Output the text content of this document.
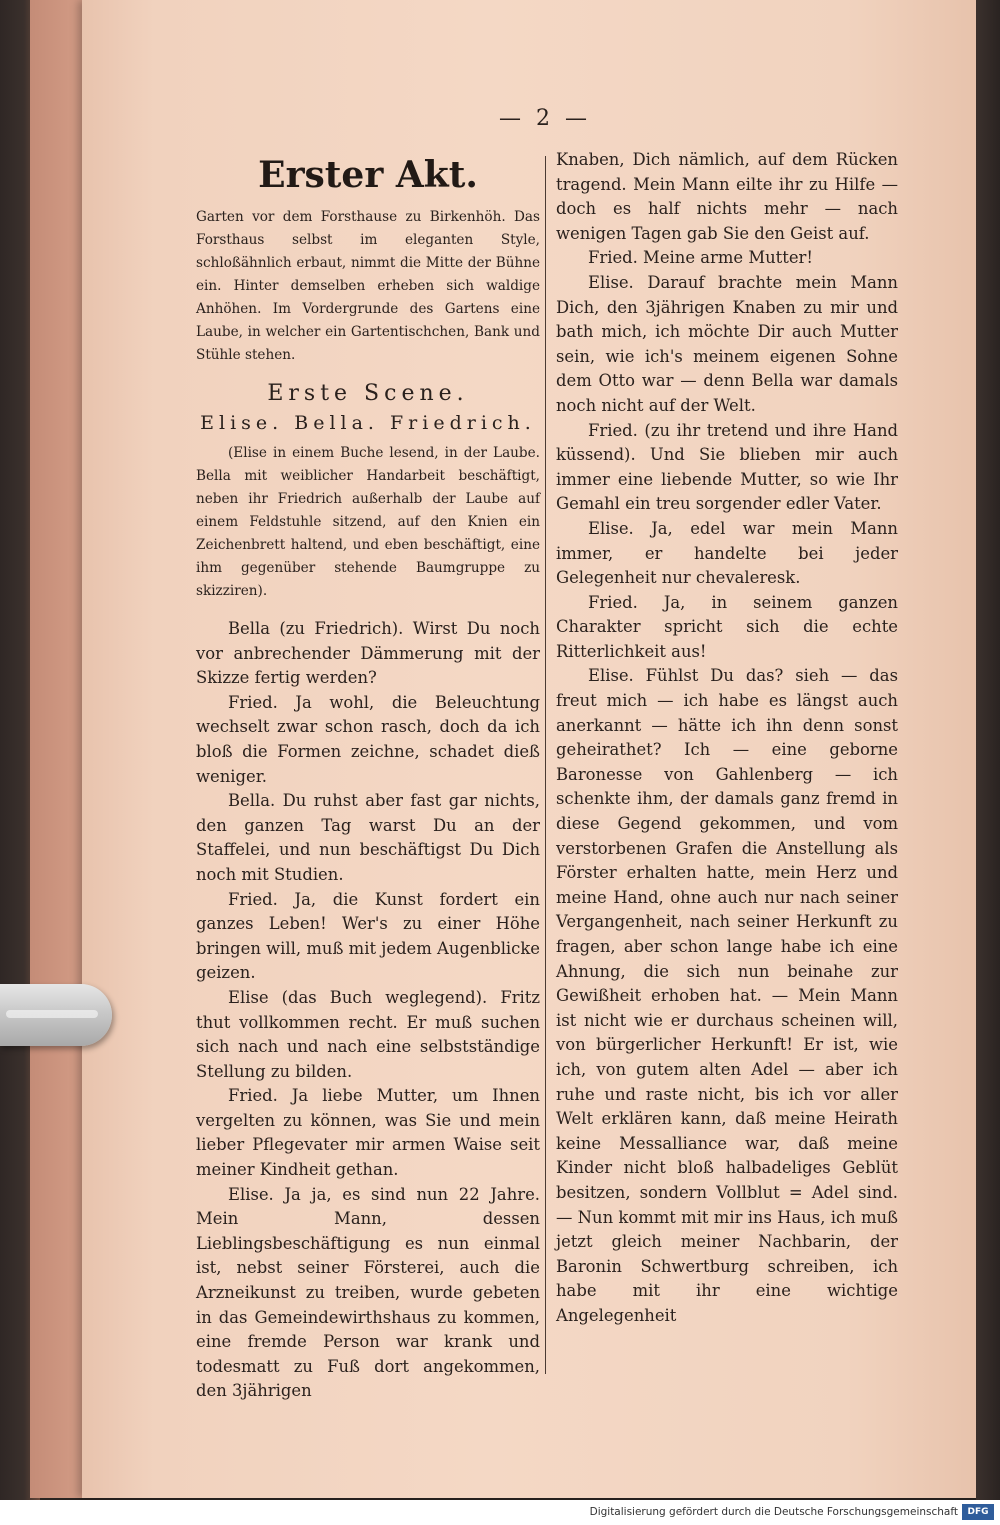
— 2 —
Erster Akt.

Garten vor dem Forsthause zu Birkenhöh. Das Forsthaus selbst im eleganten Style, schloßähnlich erbaut, nimmt die Mitte der Bühne ein. Hinter demselben erheben sich waldige Anhöhen. Im Vordergrunde des Gartens eine Laube, in welcher ein Gartentischchen, Bank und Stühle stehen.

Erste Scene.
Elise. Bella. Friedrich.

(Elise in einem Buche lesend, in der Laube. Bella mit weiblicher Handarbeit beschäftigt, neben ihr Friedrich außerhalb der Laube auf einem Feldstuhle sitzend, auf den Knien ein Zeichenbrett haltend, und eben beschäftigt, eine ihm gegenüber stehende Baumgruppe zu skizziren).

Bella (zu Friedrich). Wirst Du noch vor anbrechender Dämmerung mit der Skizze fertig werden?

Fried. Ja wohl, die Beleuchtung wechselt zwar schon rasch, doch da ich bloß die Formen zeichne, schadet dieß weniger.

Bella. Du ruhst aber fast gar nichts, den ganzen Tag warst Du an der Staffelei, und nun beschäftigst Du Dich noch mit Studien.

Fried. Ja, die Kunst fordert ein ganzes Leben! Wer's zu einer Höhe bringen will, muß mit jedem Augenblicke geizen.

Elise (das Buch weglegend). Fritz thut vollkommen recht. Er muß suchen sich nach und nach eine selbstständige Stellung zu bilden.

Fried. Ja liebe Mutter, um Ihnen vergelten zu können, was Sie und mein lieber Pflegevater mir armen Waise seit meiner Kindheit gethan.

Elise. Ja ja, es sind nun 22 Jahre. Mein Mann, dessen Lieblingsbeschäftigung es nun einmal ist, nebst seiner Försterei, auch die Arzneikunst zu treiben, wurde gebeten in das Gemeindewirthshaus zu kommen, eine fremde Person war krank und todesmatt zu Fuß dort angekommen, den 3jährigen

Knaben, Dich nämlich, auf dem Rücken tragend. Mein Mann eilte ihr zu Hilfe — doch es half nichts mehr — nach wenigen Tagen gab Sie den Geist auf.

Fried. Meine arme Mutter!

Elise. Darauf brachte mein Mann Dich, den 3jährigen Knaben zu mir und bath mich, ich möchte Dir auch Mutter sein, wie ich's meinem eigenen Sohne dem Otto war — denn Bella war damals noch nicht auf der Welt.

Fried. (zu ihr tretend und ihre Hand küssend). Und Sie blieben mir auch immer eine liebende Mutter, so wie Ihr Gemahl ein treu sorgender edler Vater.

Elise. Ja, edel war mein Mann immer, er handelte bei jeder Gelegenheit nur chevaleresk.

Fried. Ja, in seinem ganzen Charakter spricht sich die echte Ritterlichkeit aus!

Elise. Fühlst Du das? sieh — das freut mich — ich habe es längst auch anerkannt — hätte ich ihn denn sonst geheirathet? Ich — eine geborne Baronesse von Gahlenberg — ich schenkte ihm, der damals ganz fremd in diese Gegend gekommen, und vom verstorbenen Grafen die Anstellung als Förster erhalten hatte, mein Herz und meine Hand, ohne auch nur nach seiner Vergangenheit, nach seiner Herkunft zu fragen, aber schon lange habe ich eine Ahnung, die sich nun beinahe zur Gewißheit erhoben hat. — Mein Mann ist nicht wie er durchaus scheinen will, von bürgerlicher Herkunft! Er ist, wie ich, von gutem alten Adel — aber ich ruhe und raste nicht, bis ich vor aller Welt erklären kann, daß meine Heirath keine Messalliance war, daß meine Kinder nicht bloß halbadeliges Geblüt besitzen, sondern Vollblut = Adel sind. — Nun kommt mit mir ins Haus, ich muß jetzt gleich meiner Nachbarin, der Baronin Schwertburg schreiben, ich habe mit ihr eine wichtige Angelegenheit

Digitalisierung gefördert durch die Deutsche Forschungsgemeinschaft	DFG
